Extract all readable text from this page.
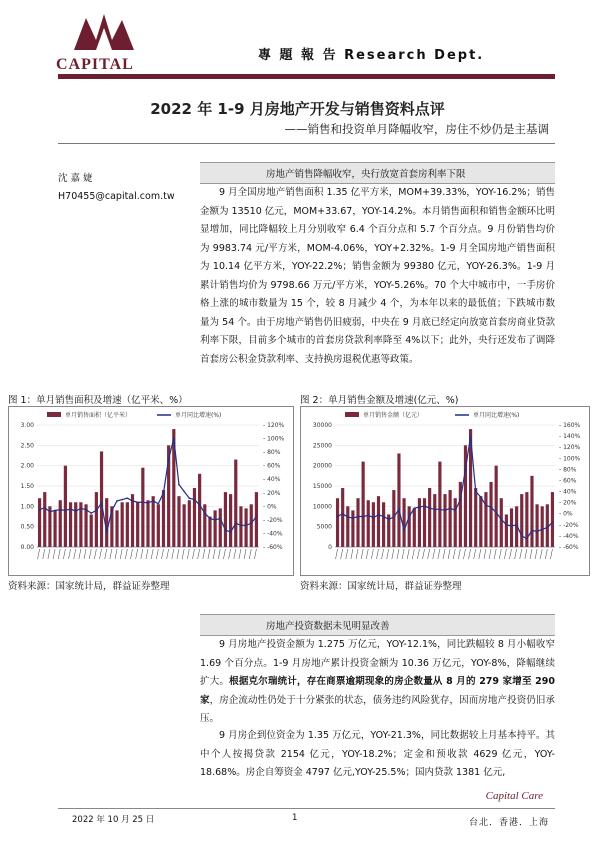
CAPITAL
專 題 報 告 Research Dept.
2022 年 1-9 月房地产开发与销售资料点评
——销售和投资单月降幅收窄，房住不炒仍是主基调
沈 嘉 婕
H70455@capital.com.tw
房地产销售降幅收窄，央行放宽首套房利率下限
9 月全国房地产销售面积 1.35 亿平方米，MOM+39.33%，YOY-16.2%；销售金额为 13510 亿元，MOM+33.67，YOY-14.2%。本月销售面积和销售金额环比明显增加，同比降幅较上月分别收窄 6.4 个百分点和 5.7 个百分点。9 月份销售均价为 9983.74 元/平方米，MOM-4.06%，YOY+2.32%。1-9 月全国房地产销售面积为 10.14 亿平方米，YOY-22.2%；销售金额为 99380 亿元，YOY-26.3%。1-9 月累计销售均价为 9798.66 万元/平方米，YOY-5.26%。70 个大中城市中，一手房价格上涨的城市数量为 15 个，较 8 月减少 4 个，为本年以来的最低值；下跌城市数量为 54 个。由于房地产销售仍旧疲弱，中央在 9 月底已经定向放宽首套房商业贷款利率下限，目前多个城市的首套房贷款利率降至 4%以下；此外，央行还发布了调降首套房公积金贷款利率、支持换房退税优惠等政策。
图 1：单月销售面积及增速（亿平米、%）	图 2：单月销售金额及增速(亿元、%)
单月销售面积（亿平米）	单月同比增速(%)
0.00
0.50
1.00
1.50
2.00
2.50
3.00
- -60%
- -40%
- -20%
- 0%
- 20%
- 40%
- 60%
- 80%
- 100%
- 120%
单月销售金额（亿元）	单月同比增速(%)
0
5000
10000
15000
20000
25000
30000
- -60%
- -40%
- -20%
- 0%
- 20%
- 40%
- 60%
- 80%
- 100%
- 120%
- 140%
- 160%
资料来源：国家统计局，群益证券整理	资料来源：国家统计局，群益证券整理
房地产投资数据未见明显改善
9 月房地产投资金额为 1.275 万亿元，YOY-12.1%，同比跌幅较 8 月小幅收窄 1.69 个百分点。1-9 月房地产累计投资金额为 10.36 万亿元，YOY-8%，降幅继续扩大。根据克尔瑞统计，存在商票逾期现象的房企数量从 8 月的 279 家增至 290 家，房企流动性仍处于十分紧张的状态，债务违约风险犹存，因而房地产投资仍旧承压。
9 月房企到位资金为 1.35 万亿元，YOY-21.3%，同比数据较上月基本持平。其中个人按揭贷款 2154 亿元，YOY-18.2%；定金和预收款 4629 亿元，YOY-18.68%。房企自筹资金 4797 亿元,YOY-25.5%；国内贷款 1381 亿元,
Capital Care
2022 年 10 月 25 日	1	台北．香港．上海
